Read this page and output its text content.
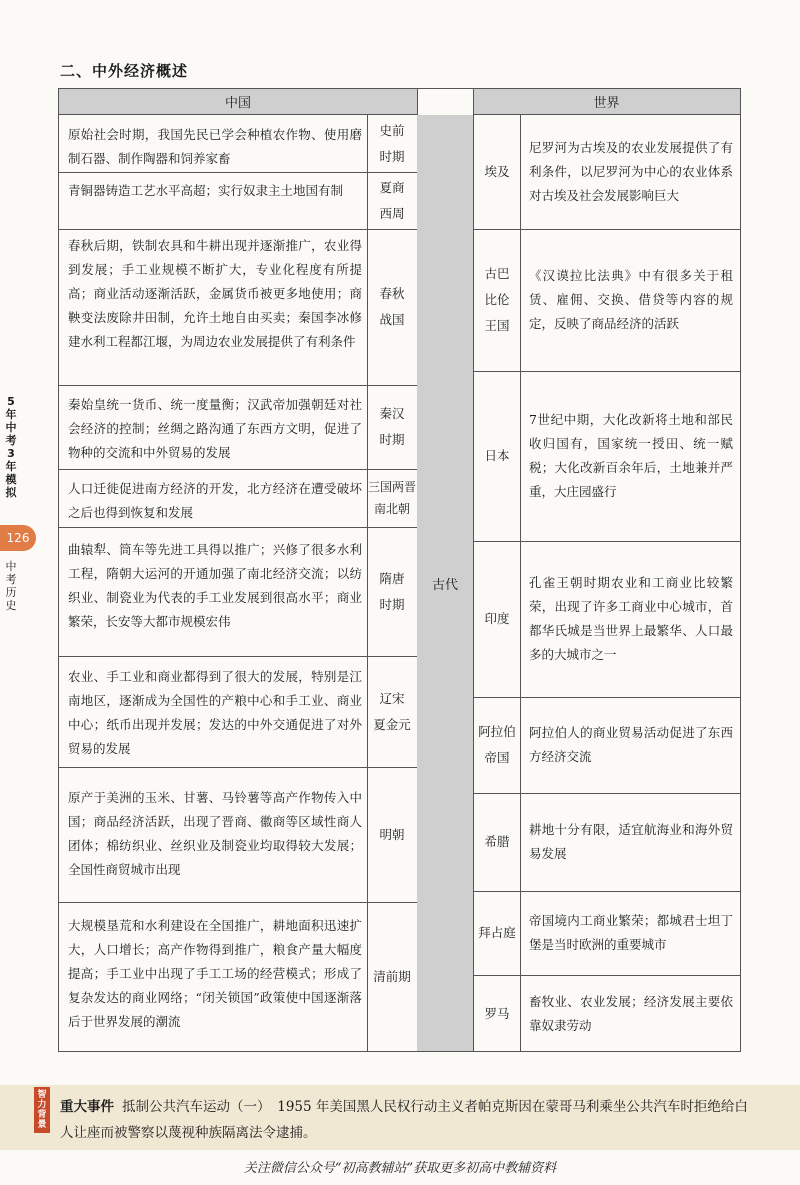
二、中外经济概述
中国	世界
古代
原始社会时期，我国先民已学会种植农作物、使用磨制石器、制作陶器和饲养家畜
史前
时期
青铜器铸造工艺水平高超；实行奴隶主土地国有制	夏商
西周
春秋后期，铁制农具和牛耕出现并逐渐推广，农业得到发展；手工业规模不断扩大，专业化程度有所提高；商业活动逐渐活跃，金属货币被更多地使用；商鞅变法废除井田制，允许土地自由买卖；秦国李冰修建水利工程都江堰，为周边农业发展提供了有利条件
春秋
战国
秦始皇统一货币、统一度量衡；汉武帝加强朝廷对社会经济的控制；丝绸之路沟通了东西方文明，促进了物种的交流和中外贸易的发展
秦汉
时期
人口迁徙促进南方经济的开发，北方经济在遭受破坏之后也得到恢复和发展
三国两晋
南北朝
曲辕犁、筒车等先进工具得以推广；兴修了很多水利工程，隋朝大运河的开通加强了南北经济交流；以纺织业、制瓷业为代表的手工业发展到很高水平；商业繁荣，长安等大都市规模宏伟
隋唐
时期
农业、手工业和商业都得到了很大的发展，特别是江南地区，逐渐成为全国性的产粮中心和手工业、商业中心；纸币出现并发展；发达的中外交通促进了对外贸易的发展
辽宋
夏金元
原产于美洲的玉米、甘薯、马铃薯等高产作物传入中国；商品经济活跃，出现了晋商、徽商等区域性商人团体；棉纺织业、丝织业及制瓷业均取得较大发展；全国性商贸城市出现
明朝
大规模垦荒和水利建设在全国推广，耕地面积迅速扩大，人口增长；高产作物得到推广，粮食产量大幅度提高；手工业中出现了手工工场的经营模式；形成了复杂发达的商业网络；“闭关锁国”政策使中国逐渐落后于世界发展的潮流
清前期
埃及
尼罗河为古埃及的农业发展提供了有利条件，以尼罗河为中心的农业体系对古埃及社会发展影响巨大
古巴
比伦
王国
《汉谟拉比法典》中有很多关于租赁、雇佣、交换、借贷等内容的规定，反映了商品经济的活跃
日本
7世纪中期，大化改新将土地和部民收归国有，国家统一授田、统一赋税；大化改新百余年后，土地兼并严重，大庄园盛行
印度
孔雀王朝时期农业和工商业比较繁荣，出现了许多工商业中心城市，首都华氏城是当世界上最繁华、人口最多的大城市之一
阿拉伯
帝国
阿拉伯人的商业贸易活动促进了东西方经济交流
希腊
耕地十分有限，适宜航海业和海外贸易发展
拜占庭
帝国境内工商业繁荣；都城君士坦丁堡是当时欧洲的重要城市
罗马
畜牧业、农业发展；经济发展主要依靠奴隶劳动
5年中考3年模拟
126
中考历史
智力背景
重大事件 抵制公共汽车运动（一）　1955 年美国黑人民权行动主义者帕克斯因在蒙哥马利乘坐公共汽车时拒绝给白人让座而被警察以蔑视种族隔离法令逮捕。
关注微信公众号“初高教辅站”获取更多初高中教辅资料
